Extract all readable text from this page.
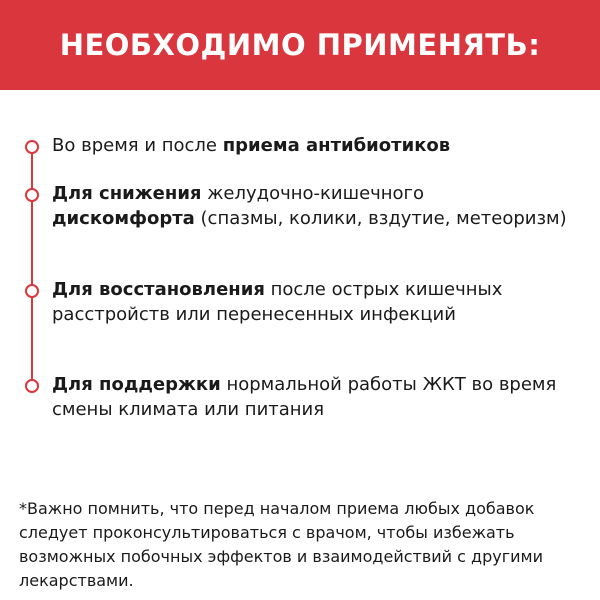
НЕОБХОДИМО ПРИМЕНЯТЬ:
Во время и после приема антибиотиков
Для снижения желудочно-кишечного
дискомфорта (спазмы, колики, вздутие, метеоризм)
Для восстановления после острых кишечных расстройств или перенесенных инфекций
Для поддержки нормальной работы ЖКТ во время смены климата или питания
*Важно помнить, что перед началом приема любых добавок следует проконсультироваться с врачом, чтобы избежать возможных побочных эффектов и взаимодействий с другими лекарствами.
